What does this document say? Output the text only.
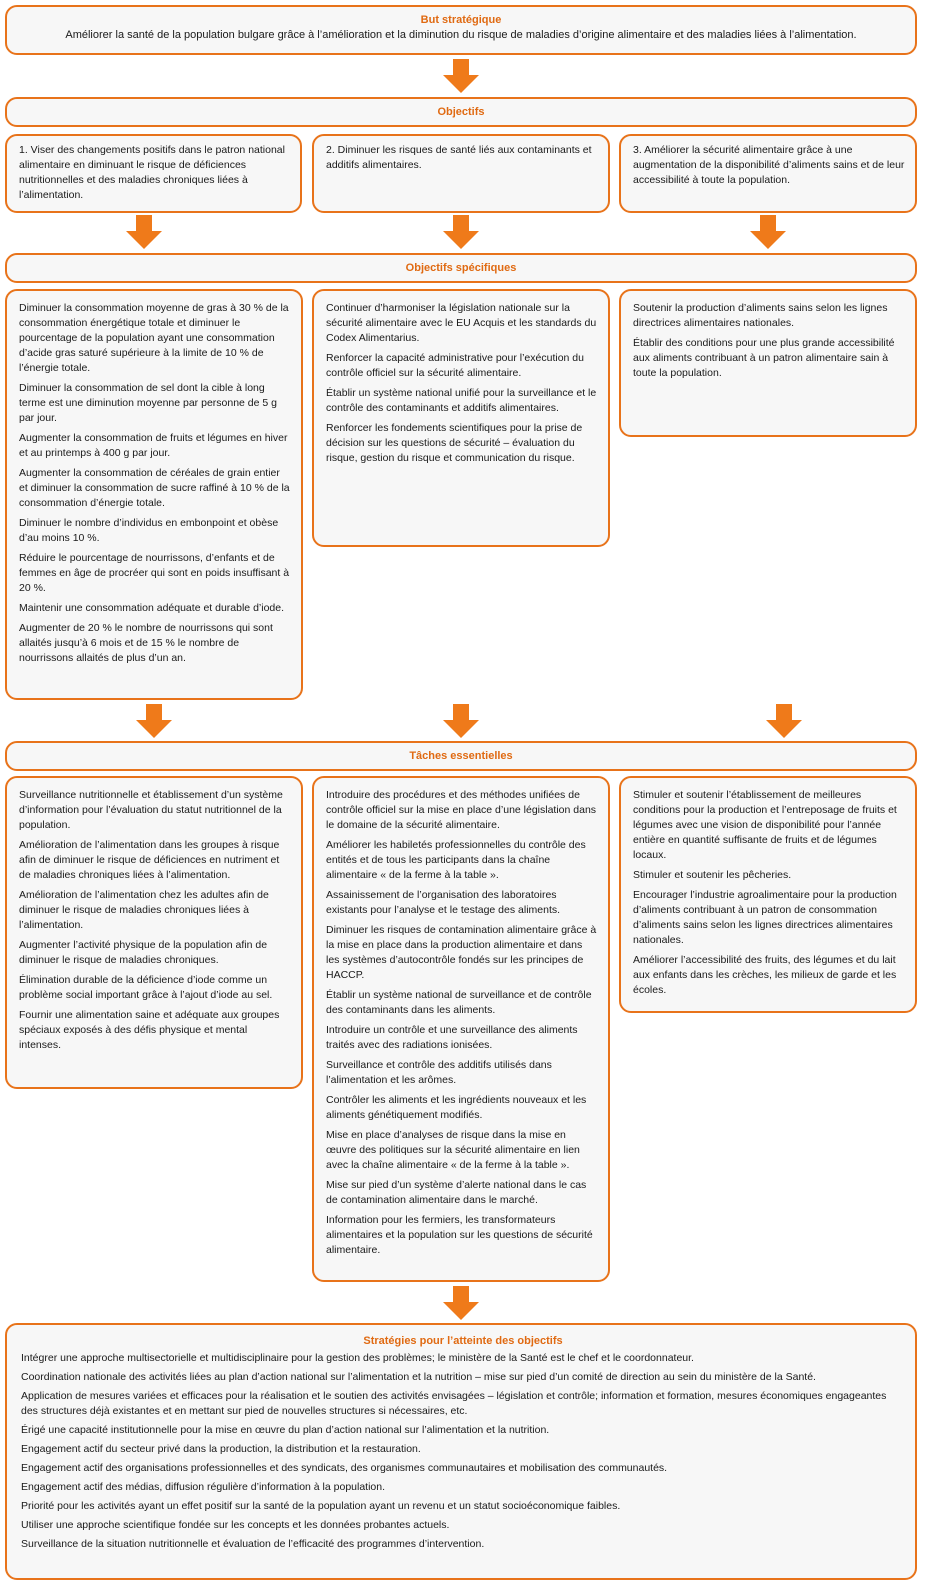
But stratégique
Améliorer la santé de la population bulgare grâce à l’amélioration et la diminution du risque de maladies d’origine alimentaire et des maladies liées à l’alimentation.
Objectifs
1. Viser des changements positifs dans le patron national alimentaire en diminuant le risque de déficiences nutritionnelles et des maladies chroniques liées à l’alimentation.
2. Diminuer les risques de santé liés aux contaminants et additifs alimentaires.
3. Améliorer la sécurité alimentaire grâce à une augmentation de la disponibilité d’aliments sains et de leur accessibilité à toute la population.
Objectifs spécifiques

Diminuer la consommation moyenne de gras à 30 % de la consommation énergétique totale et diminuer le pourcentage de la population ayant une consommation d’acide gras saturé supérieure à la limite de 10 % de l’énergie totale.

Diminuer la consommation de sel dont la cible à long terme est une diminution moyenne par personne de 5 g par jour.

Augmenter la consommation de fruits et légumes en hiver et au printemps à 400 g par jour.

Augmenter la consommation de céréales de grain entier et diminuer la consommation de sucre raffiné à 10 % de la consommation d’énergie totale.

Diminuer le nombre d’individus en embonpoint et obèse d’au moins 10 %.

Réduire le pourcentage de nourrissons, d’enfants et de femmes en âge de procréer qui sont en poids insuffisant à 20 %.

Maintenir une consommation adéquate et durable d’iode.

Augmenter de 20 % le nombre de nourrissons qui sont allaités jusqu’à 6 mois et de 15 % le nombre de nourrissons allaités de plus d’un an.

Continuer d’harmoniser la législation nationale sur la sécurité alimentaire avec le EU Acquis et les standards du Codex Alimentarius.

Renforcer la capacité administrative pour l’exécution du contrôle officiel sur la sécurité alimentaire.

Établir un système national unifié pour la surveillance et le contrôle des contaminants et additifs alimentaires.

Renforcer les fondements scientifiques pour la prise de décision sur les questions de sécurité – évaluation du risque, gestion du risque et communication du risque.

Soutenir la production d’aliments sains selon les lignes directrices alimentaires nationales.

Établir des conditions pour une plus grande accessibilité aux aliments contribuant à un patron alimentaire sain à toute la population.

Tâches essentielles

Surveillance nutritionnelle et établissement d’un système d’information pour l’évaluation du statut nutritionnel de la population.

Amélioration de l’alimentation dans les groupes à risque afin de diminuer le risque de déficiences en nutriment et de maladies chroniques liées à l’alimentation.

Amélioration de l’alimentation chez les adultes afin de diminuer le risque de maladies chroniques liées à l’alimentation.

Augmenter l’activité physique de la population afin de diminuer le risque de maladies chroniques.

Élimination durable de la déficience d’iode comme un problème social important grâce à l’ajout d’iode au sel.

Fournir une alimentation saine et adéquate aux groupes spéciaux exposés à des défis physique et mental intenses.

Introduire des procédures et des méthodes unifiées de contrôle officiel sur la mise en place d’une législation dans le domaine de la sécurité alimentaire.

Améliorer les habiletés professionnelles du contrôle des entités et de tous les participants dans la chaîne alimentaire « de la ferme à la table ».

Assainissement de l’organisation des laboratoires existants pour l’analyse et le testage des aliments.

Diminuer les risques de contamination alimentaire grâce à la mise en place dans la production alimentaire et dans les systèmes d’autocontrôle fondés sur les principes de HACCP.

Établir un système national de surveillance et de contrôle des contaminants dans les aliments.

Introduire un contrôle et une surveillance des aliments traités avec des radiations ionisées.

Surveillance et contrôle des additifs utilisés dans l’alimentation et les arômes.

Contrôler les aliments et les ingrédients nouveaux et les aliments génétiquement modifiés.

Mise en place d’analyses de risque dans la mise en œuvre des politiques sur la sécurité alimentaire en lien avec la chaîne alimentaire « de la ferme à la table ».

Mise sur pied d’un système d’alerte national dans le cas de contamination alimentaire dans le marché.

Information pour les fermiers, les transformateurs alimentaires et la population sur les questions de sécurité alimentaire.

Stimuler et soutenir l’établissement de meilleures conditions pour la production et l’entreposage de fruits et légumes avec une vision de disponibilité pour l’année entière en quantité suffisante de fruits et de légumes locaux.

Stimuler et soutenir les pêcheries.

Encourager l’industrie agroalimentaire pour la production d’aliments contribuant à un patron de consommation d’aliments sains selon les lignes directrices alimentaires nationales.

Améliorer l’accessibilité des fruits, des légumes et du lait aux enfants dans les crèches, les milieux de garde et les écoles.

Stratégies pour l’atteinte des objectifs

Intégrer une approche multisectorielle et multidisciplinaire pour la gestion des problèmes; le ministère de la Santé est le chef et le coordonnateur.

Coordination nationale des activités liées au plan d’action national sur l’alimentation et la nutrition – mise sur pied d’un comité de direction au sein du ministère de la Santé.

Application de mesures variées et efficaces pour la réalisation et le soutien des activités envisagées – législation et contrôle; information et formation, mesures économiques engageantes des structures déjà existantes et en mettant sur pied de nouvelles structures si nécessaires, etc.

Érigé une capacité institutionnelle pour la mise en œuvre du plan d’action national sur l’alimentation et la nutrition.

Engagement actif du secteur privé dans la production, la distribution et la restauration.

Engagement actif des organisations professionnelles et des syndicats, des organismes communautaires et mobilisation des communautés.

Engagement actif des médias, diffusion régulière d’information à la population.

Priorité pour les activités ayant un effet positif sur la santé de la population ayant un revenu et un statut socioéconomique faibles.

Utiliser une approche scientifique fondée sur les concepts et les données probantes actuels.

Surveillance de la situation nutritionnelle et évaluation de l’efficacité des programmes d’intervention.
